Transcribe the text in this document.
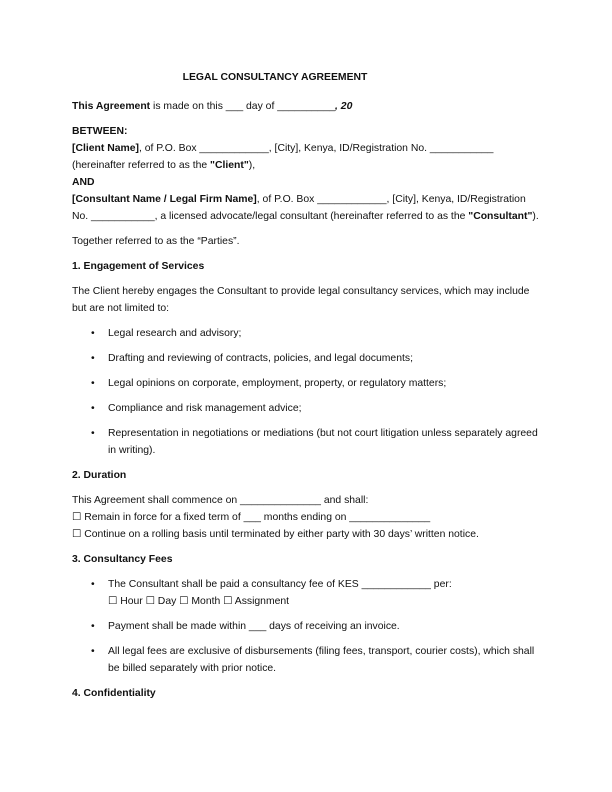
LEGAL CONSULTANCY AGREEMENT

This Agreement is made on this ___ day of __________, 20

BETWEEN:
[Client Name], of P.O. Box ____________, [City], Kenya, ID/Registration No. ___________
(hereinafter referred to as the "Client"),
AND
[Consultant Name / Legal Firm Name], of P.O. Box ____________, [City], Kenya, ID/Registration No. ___________, a licensed advocate/legal consultant (hereinafter referred to as the "Consultant").

Together referred to as the “Parties”.

1. Engagement of Services

The Client hereby engages the Consultant to provide legal consultancy services, which may include but are not limited to:

• Legal research and advisory;
• Drafting and reviewing of contracts, policies, and legal documents;
• Legal opinions on corporate, employment, property, or regulatory matters;
• Compliance and risk management advice;
• Representation in negotiations or mediations (but not court litigation unless separately agreed in writing).
2. Duration

This Agreement shall commence on ______________ and shall:
☐ Remain in force for a fixed term of ___ months ending on ______________
☐ Continue on a rolling basis until terminated by either party with 30 days’ written notice.

3. Consultancy Fees
• The Consultant shall be paid a consultancy fee of KES ____________ per:
☐ Hour ☐ Day ☐ Month ☐ Assignment
• Payment shall be made within ___ days of receiving an invoice.
• All legal fees are exclusive of disbursements (filing fees, transport, courier costs), which shall be billed separately with prior notice.
4. Confidentiality
